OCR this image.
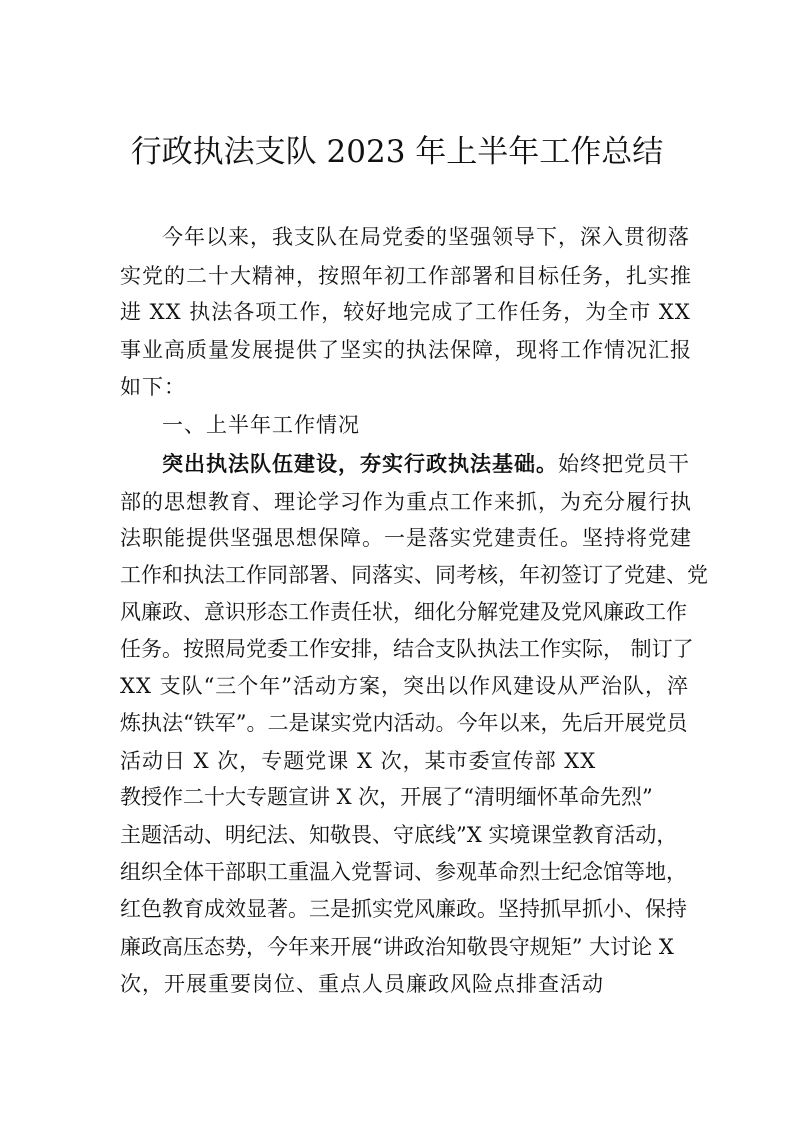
行政执法支队 2023 年上半年工作总结
今年以来，我支队在局党委的坚强领导下，深入贯彻落
实党的二十大精神，按照年初工作部署和目标任务，扎实推
进 XX 执法各项工作，较好地完成了工作任务，为全市 XX
事业高质量发展提供了坚实的执法保障，现将工作情况汇报
如下：
一、上半年工作情况
突出执法队伍建设，夯实行政执法基础。始终把党员干
部的思想教育、理论学习作为重点工作来抓，为充分履行执
法职能提供坚强思想保障。一是落实党建责任。坚持将党建
工作和执法工作同部署、同落实、同考核，年初签订了党建、党
风廉政、意识形态工作责任状，细化分解党建及党风廉政工作
任务。按照局党委工作安排，结合支队执法工作实际， 制订了
XX 支队“三个年”活动方案，突出以作风建设从严治队，淬
炼执法“铁军”。二是谋实党内活动。今年以来，先后开展党员
活动日 X 次，专题党课 X 次，某市委宣传部 XX
教授作二十大专题宣讲 X 次，开展了“清明缅怀革命先烈”
主题活动、明纪法、知敬畏、守底线”X 实境课堂教育活动，
组织全体干部职工重温入党誓词、参观革命烈士纪念馆等地，
红色教育成效显著。三是抓实党风廉政。坚持抓早抓小、保持
廉政高压态势，今年来开展“讲政治知敬畏守规矩” 大讨论 X
次，开展重要岗位、重点人员廉政风险点排查活动
